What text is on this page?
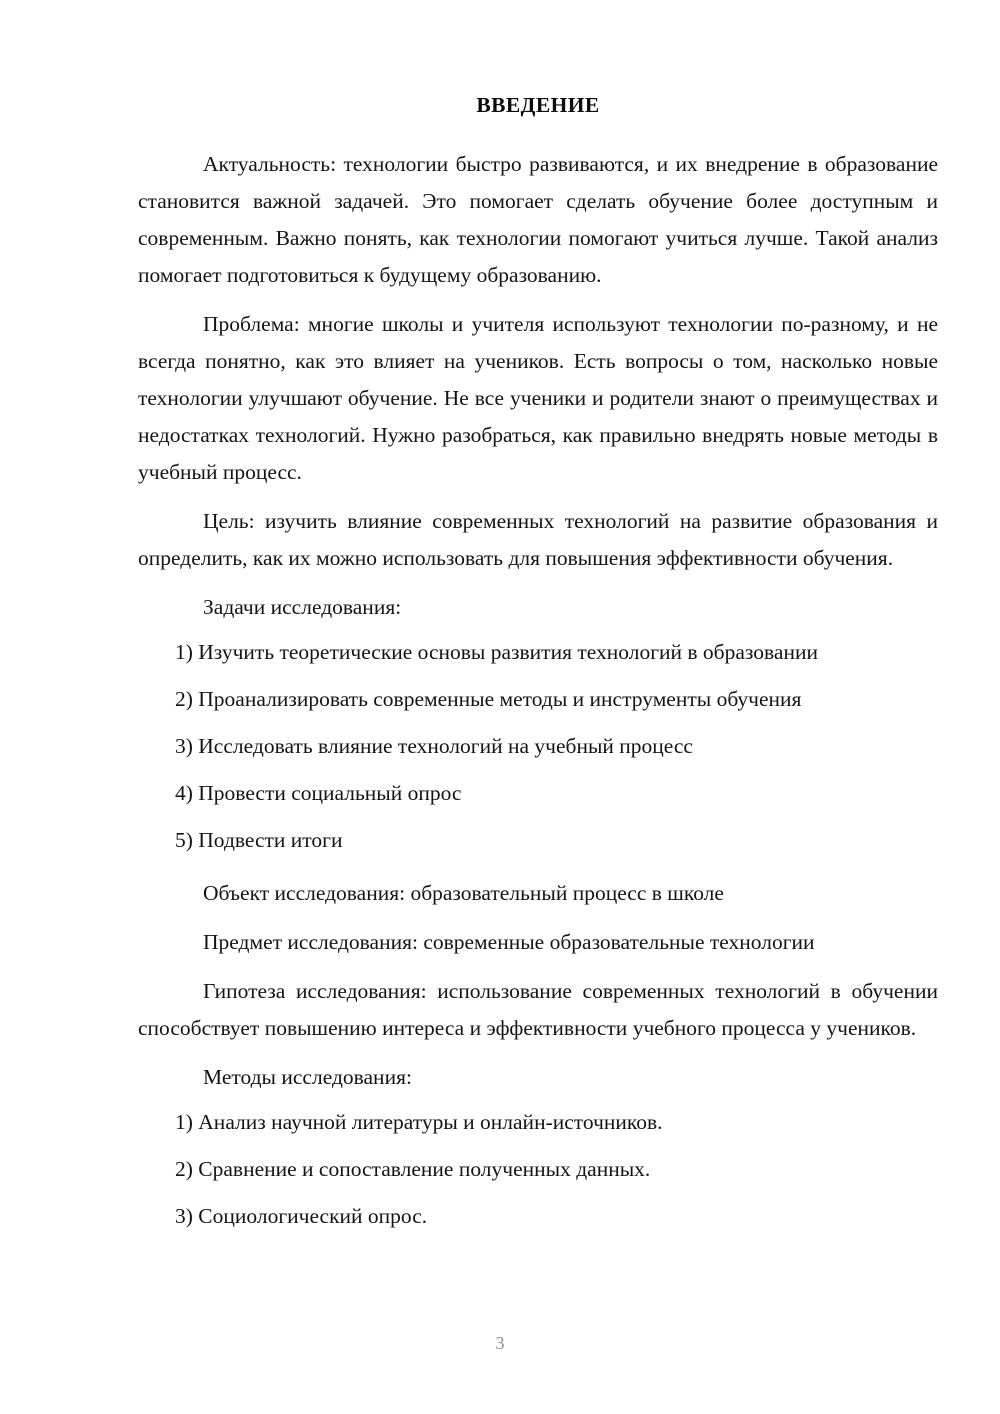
ВВЕДЕНИЕ

Актуальность: технологии быстро развиваются, и их внедрение в образование становится важной задачей. Это помогает сделать обучение более доступным и современным. Важно понять, как технологии помогают учиться лучше. Такой анализ помогает подготовиться к будущему образованию.

Проблема: многие школы и учителя используют технологии по-разному, и не всегда понятно, как это влияет на учеников. Есть вопросы о том, насколько новые технологии улучшают обучение. Не все ученики и родители знают о преимуществах и недостатках технологий. Нужно разобраться, как правильно внедрять новые методы в учебный процесс.

Цель: изучить влияние современных технологий на развитие образования и определить, как их можно использовать для повышения эффективности обучения.

Задачи исследования:

1) Изучить теоретические основы развития технологий в образовании
2) Проанализировать современные методы и инструменты обучения
3) Исследовать влияние технологий на учебный процесс
4) Провести социальный опрос
5) Подвести итоги

Объект исследования: образовательный процесс в школе

Предмет исследования: современные образовательные технологии

Гипотеза исследования: использование современных технологий в обучении способствует повышению интереса и эффективности учебного процесса у учеников.

Методы исследования:

1) Анализ научной литературы и онлайн-источников.
2) Сравнение и сопоставление полученных данных.
3) Социологический опрос.
3
